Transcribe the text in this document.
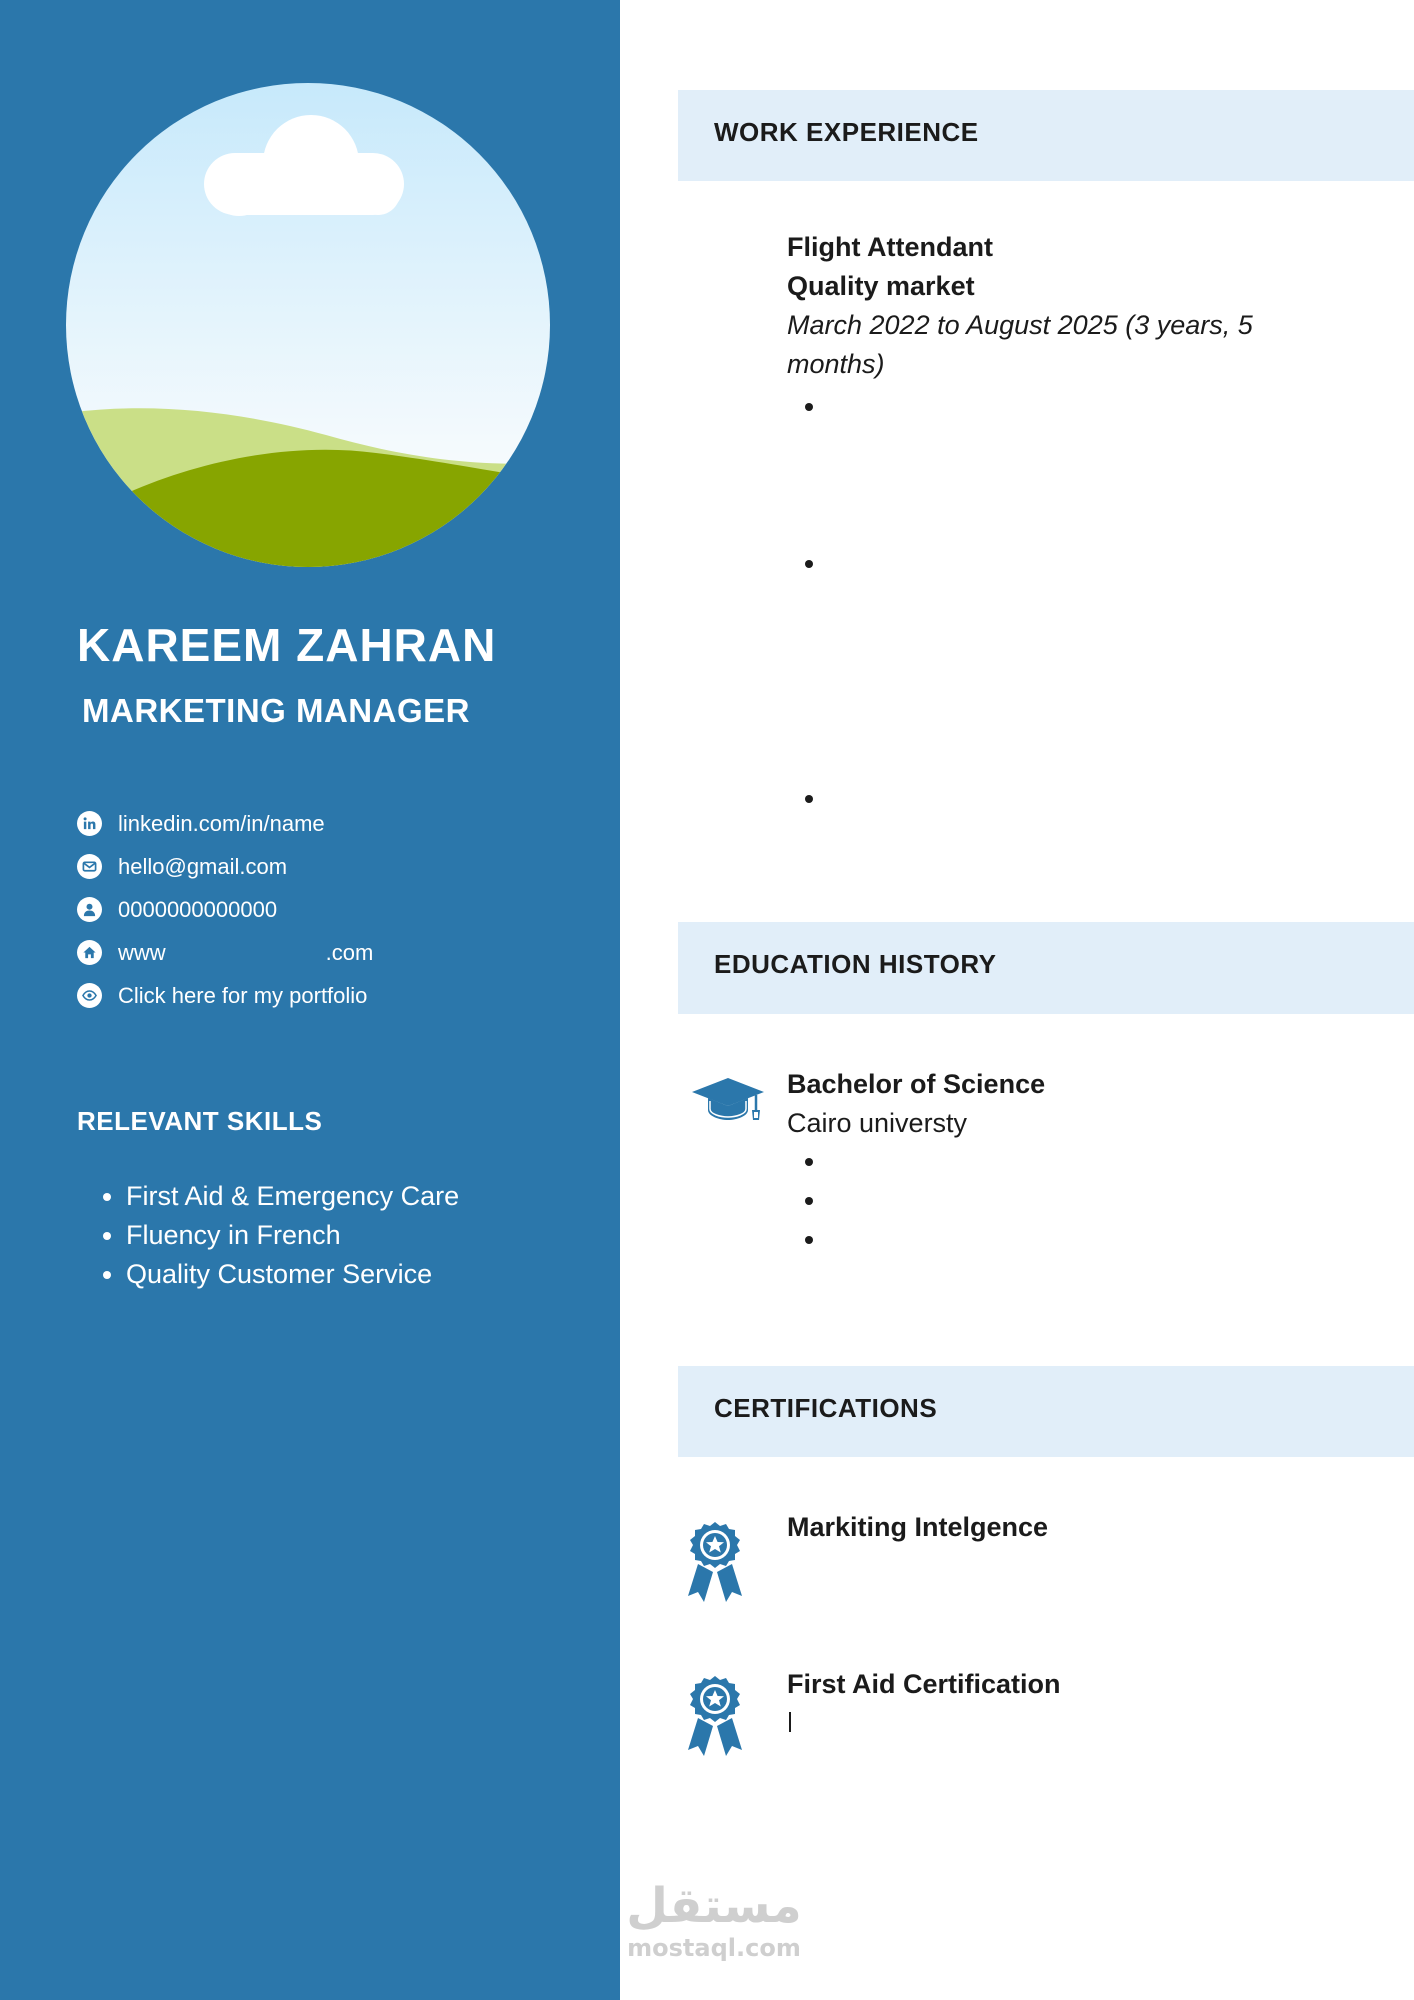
KAREEM ZAHRAN
MARKETING MANAGER
linkedin.com/in/name
hello@gmail.com
0000000000000
www	.com
Click here for my portfolio
RELEVANT SKILLS
• First Aid & Emergency Care
• Fluency in French
• Quality Customer Service
WORK EXPERIENCE
Flight Attendant
Quality market
March 2022 to August 2025 (3 years, 5 months)
EDUCATION HISTORY
Bachelor of Science
Cairo universty
CERTIFICATIONS
Markiting Intelgence
First Aid Certification
مستقل
mostaql.com
